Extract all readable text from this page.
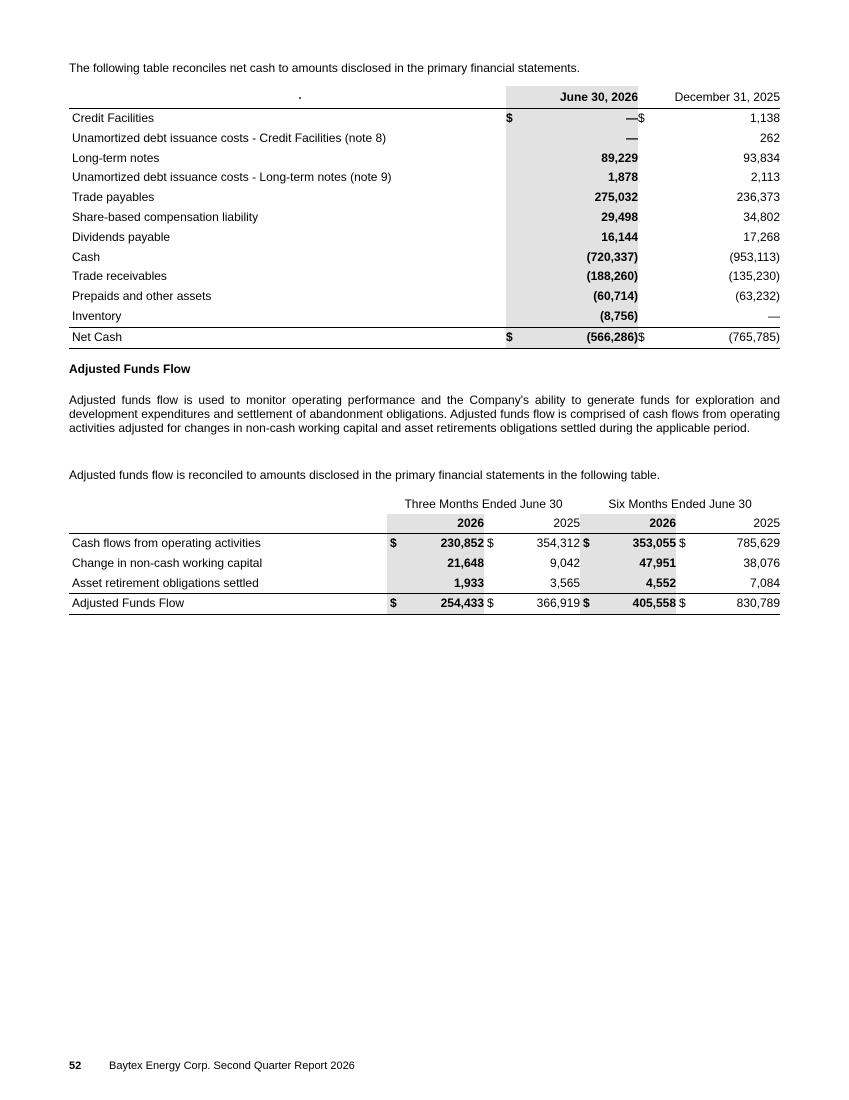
The following table reconciles net cash to amounts disclosed in the primary financial statements.

		June 30, 2026		December 31, 2025
Credit Facilities	$	—	$	1,138
Unamortized debt issuance costs - Credit Facilities (note 8)		—		262
Long-term notes		89,229		93,834
Unamortized debt issuance costs - Long-term notes (note 9)		1,878		2,113
Trade payables		275,032		236,373
Share-based compensation liability		29,498		34,802
Dividends payable		16,144		17,268
Cash		(720,337)		(953,113)
Trade receivables		(188,260)		(135,230)
Prepaids and other assets		(60,714)		(63,232)
Inventory		(8,756)		—
Net Cash	$	(566,286)	$	(765,785)
Adjusted Funds Flow

Adjusted funds flow is used to monitor operating performance and the Company's ability to generate funds for exploration and development expenditures and settlement of abandonment obligations. Adjusted funds flow is comprised of cash flows from operating activities adjusted for changes in non-cash working capital and asset retirements obligations settled during the applicable period.

Adjusted funds flow is reconciled to amounts disclosed in the primary financial statements in the following table.

	Three Months Ended June 30				Six Months Ended June 30			
		2026		2025		2026		2025
Cash flows from operating activities	$	230,852	$	354,312	$	353,055	$	785,629
Change in non-cash working capital		21,648		9,042		47,951		38,076
Asset retirement obligations settled		1,933		3,565		4,552		7,084
Adjusted Funds Flow	$	254,433	$	366,919	$	405,558	$	830,789
52	Baytex Energy Corp. Second Quarter Report 2026
